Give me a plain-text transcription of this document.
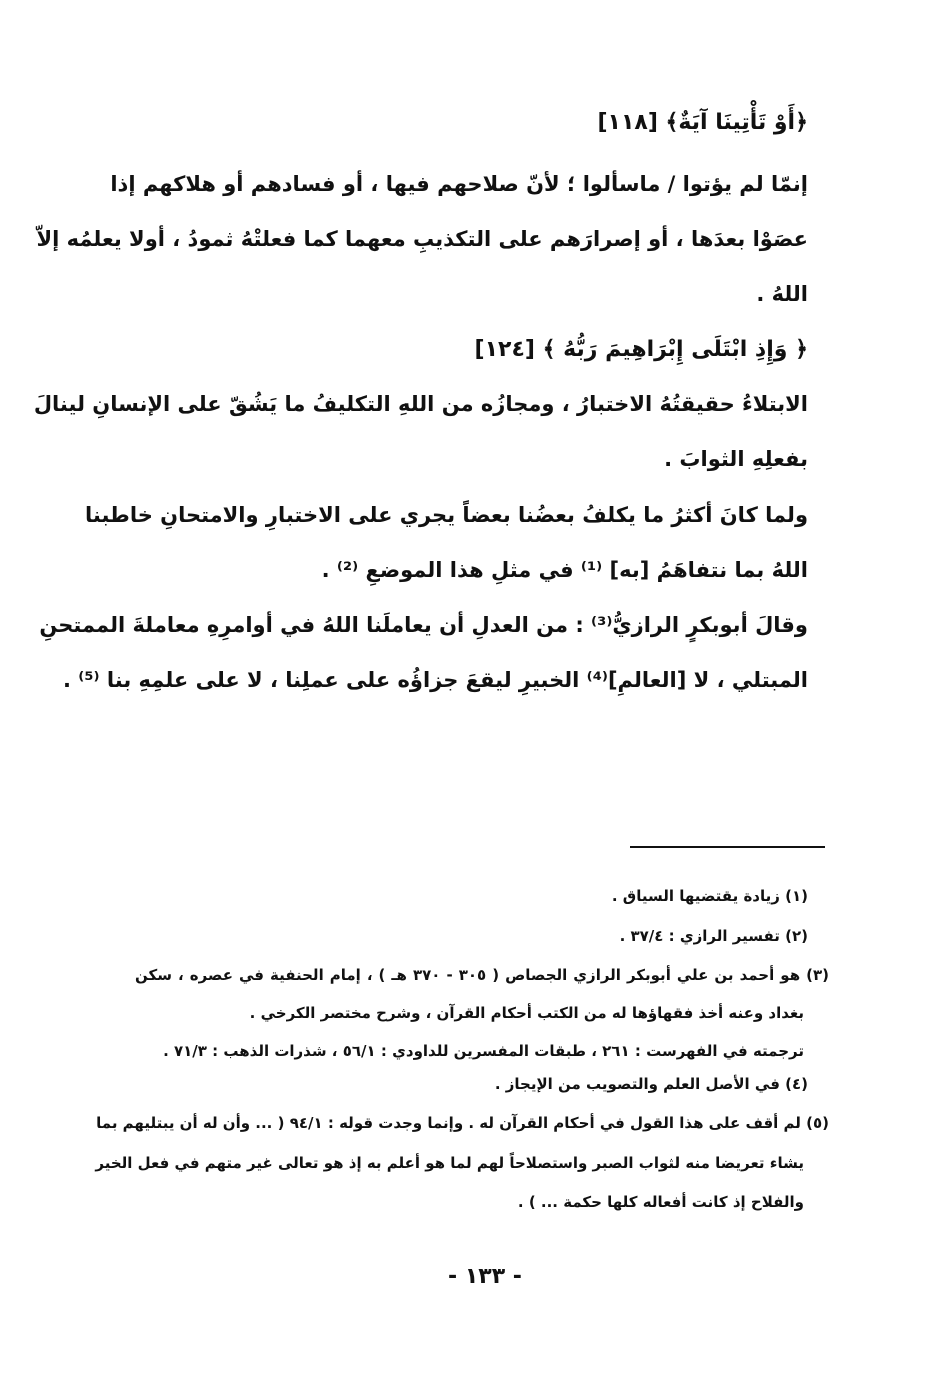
﴿أَوْ تَأْتِينَا آيَةٌ﴾ [١١٨]
إنمّا لم يؤتوا / ماسألوا ؛ لأنّ صلاحهم فيها ، أو فسادهم أو هلاكهم إذا
عصَوْا بعدَها ، أو إصرارَهم على التكذيبِ معهما كما فعلتْهُ ثمودُ ، أولا يعلمُه إلاّ
اللهُ .
﴿ وَإِذِ ابْتَلَى إِبْرَاهِيمَ رَبُّهُ ﴾ [١٢٤]
الابتلاءُ حقيقتُهُ الاختبارُ ، ومجازُه من اللهِ التكليفُ ما يَشُقّ على الإنسانِ لينالَ
بفعلِهِ الثوابَ .
ولما كانَ أكثرُ ما يكلفُ بعضُنا بعضاً يجري على الاختبارِ والامتحانِ خاطبنا
اللهُ بما نتفاهَمُ [به] ⁽¹⁾ في مثلِ هذا الموضعِ ⁽²⁾ .
وقالَ أبوبكرٍ الرازيُّ⁽³⁾ : من العدلِ أن يعاملَنا اللهُ في أوامرِهِ معاملةَ الممتحنِ
المبتلي ، لا [العالمِ]⁽⁴⁾ الخبيرِ ليقعَ جزاؤُه على عملِنا ، لا على علمِهِ بنا ⁽⁵⁾ .
(١) زيادة يقتضيها السياق .
(٢) تفسير الرازي : ٣٧/٤ .
(٣) هو أحمد بن علي أبوبكر الرازي الجصاص ( ٣٠٥ - ٣٧٠ هـ ) ، إمام الحنفية في عصره ، سكن
بغداد وعنه أخذ فقهاؤها له من الكتب أحكام القرآن ، وشرح مختصر الكرخي .
ترجمته في الفهرست : ٢٦١ ، طبقات المفسرين للداودي : ٥٦/١ ، شذرات الذهب : ٧١/٣ .
(٤) في الأصل العلم والتصويب من الإيجاز .
(٥) لم أقف على هذا القول في أحكام القرآن له . وإنما وجدت قوله : ٩٤/١ ( ... وأن له أن يبتليهم بما
يشاء تعريضا منه لثواب الصبر واستصلاحاً لهم لما هو أعلم به إذ هو تعالى غير متهم في فعل الخير
والفلاح إذ كانت أفعاله كلها حكمة ... ) .
- ١٣٣ -
